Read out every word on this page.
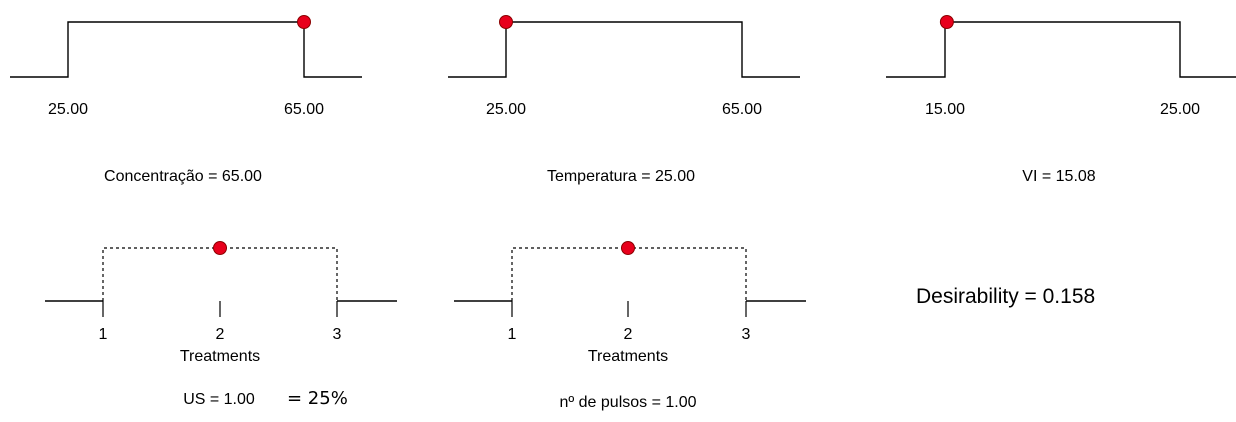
25.00	65.00	25.00	65.00	15.00	25.00
1	2	3
Treatments
1	2	3
Treatments
Concentração = 65.00	Temperatura = 25.00	VI = 15.08
US = 1.00 = 25%	nº de pulsos = 1.00
Desirability = 0.158
